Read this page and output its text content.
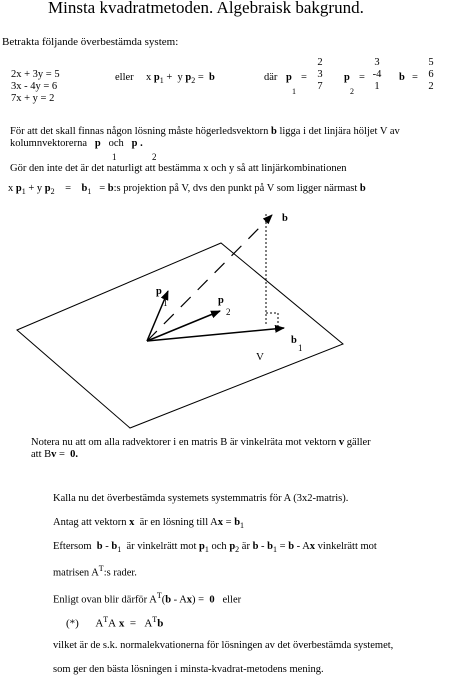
Minsta kvadratmetoden. Algebraisk bakgrund.
Betrakta följande överbestämda system:
2x + 3y = 5
3x - 4y = 6
7x + y = 2
eller x $p_1 + y$ $p_2 = b$	där p
1
=
2
3
7
p
2
=
3
-4
1
b =
5
6
2
För att det skall finnas någon lösning måste högerledsvektorn b ligga i det linjära höljet V av
kolumnvektorerna p och p .
1	2
Gör den inte det är det naturligt att bestämma x och y så att linjärkombinationen
x $p_1 + y$ $p_2 = b_1$ = b:s projektion på V, dvs den punkt på V som ligger närmast b
b
p
1	p
2
b
1
V
Notera nu att om alla radvektorer i en matris B är vinkelräta mot vektorn v gäller
att Bv = 0.
Kalla nu det överbestämda systemets systemmatris för A (3x2-matris).
Antag att vektorn x är en lösning till $Ax = b_1$
Eftersom b - $b_1$ är vinkelrätt mot $p_1$ och $p_2$ är $b - b_1 = b - Ax$ vinkelrätt mot
matrisen $A^T:s$ rader.
Enligt ovan blir därför $A^T(b - Ax) = 0$ eller
(*) $A^TA$ $x = A^Tb$
vilket är de s.k. normalekvationerna för lösningen av det överbestämda systemet,
som ger den bästa lösningen i minsta-kvadrat-metodens mening.
